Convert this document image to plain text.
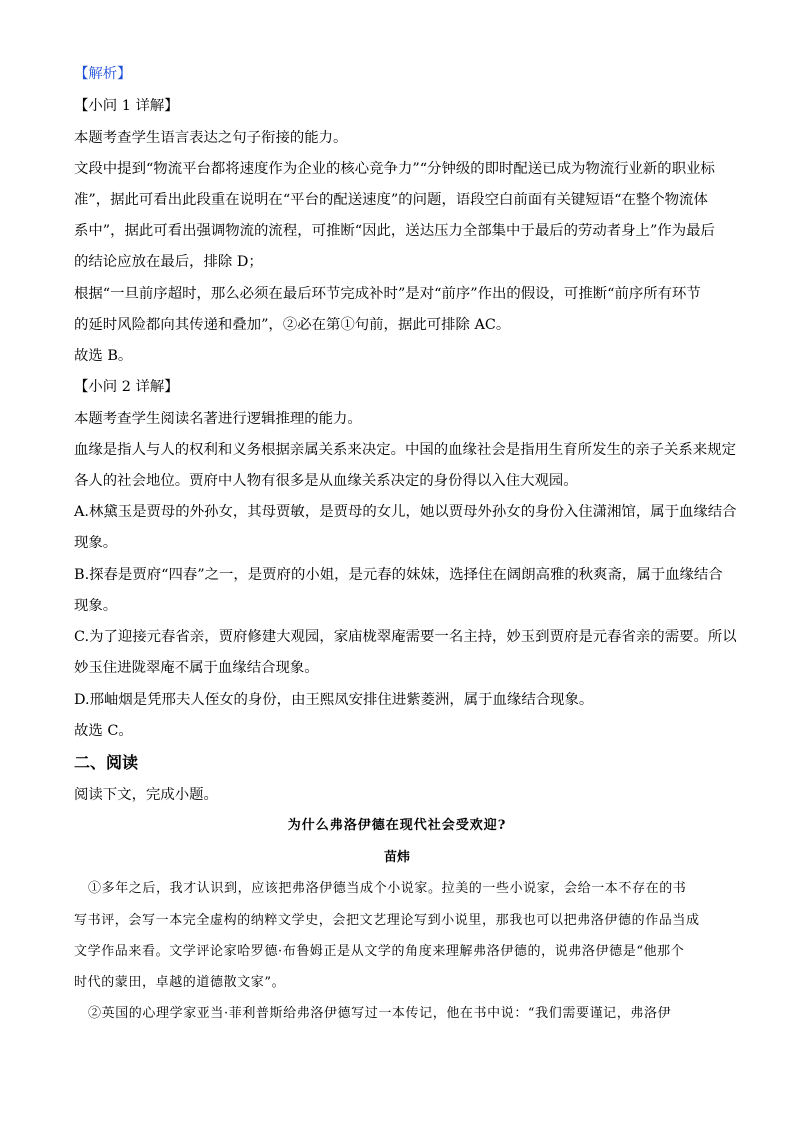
【解析】
【小问 1 详解】
本题考查学生语言表达之句子衔接的能力。
文段中提到“物流平台都将速度作为企业的核心竞争力”“分钟级的即时配送已成为物流行业新的职业标
准”，据此可看出此段重在说明在“平台的配送速度”的问题，语段空白前面有关键短语“在整个物流体
系中”，据此可看出强调物流的流程，可推断“因此，送达压力全部集中于最后的劳动者身上”作为最后
的结论应放在最后，排除 D；
根据“一旦前序超时，那么必须在最后环节完成补时”是对“前序”作出的假设，可推断“前序所有环节
的延时风险都向其传递和叠加”，②必在第①句前，据此可排除 AC。
故选 B。
【小问 2 详解】
本题考查学生阅读名著进行逻辑推理的能力。
血缘是指人与人的权利和义务根据亲属关系来决定。中国的血缘社会是指用生育所发生的亲子关系来规定
各人的社会地位。贾府中人物有很多是从血缘关系决定的身份得以入住大观园。
A.林黛玉是贾母的外孙女，其母贾敏，是贾母的女儿，她以贾母外孙女的身份入住潇湘馆，属于血缘结合
现象。
B.探春是贾府“四春”之一，是贾府的小姐，是元春的妹妹，选择住在阔朗高雅的秋爽斋，属于血缘结合
现象。
C.为了迎接元春省亲，贾府修建大观园，家庙栊翠庵需要一名主持，妙玉到贾府是元春省亲的需要。所以
妙玉住进陇翠庵不属于血缘结合现象。
D.邢岫烟是凭邢夫人侄女的身份，由王熙凤安排住进紫菱洲，属于血缘结合现象。
故选 C。
二、阅读
阅读下文，完成小题。
为什么弗洛伊德在现代社会受欢迎?
苗炜
①多年之后，我才认识到，应该把弗洛伊德当成个小说家。拉美的一些小说家，会给一本不存在的书
写书评，会写一本完全虚构的纳粹文学史，会把文艺理论写到小说里，那我也可以把弗洛伊德的作品当成
文学作品来看。文学评论家哈罗德·布鲁姆正是从文学的角度来理解弗洛伊德的，说弗洛伊德是“他那个
时代的蒙田，卓越的道德散文家”。
②英国的心理学家亚当·菲利普斯给弗洛伊德写过一本传记，他在书中说：“我们需要谨记，弗洛伊
